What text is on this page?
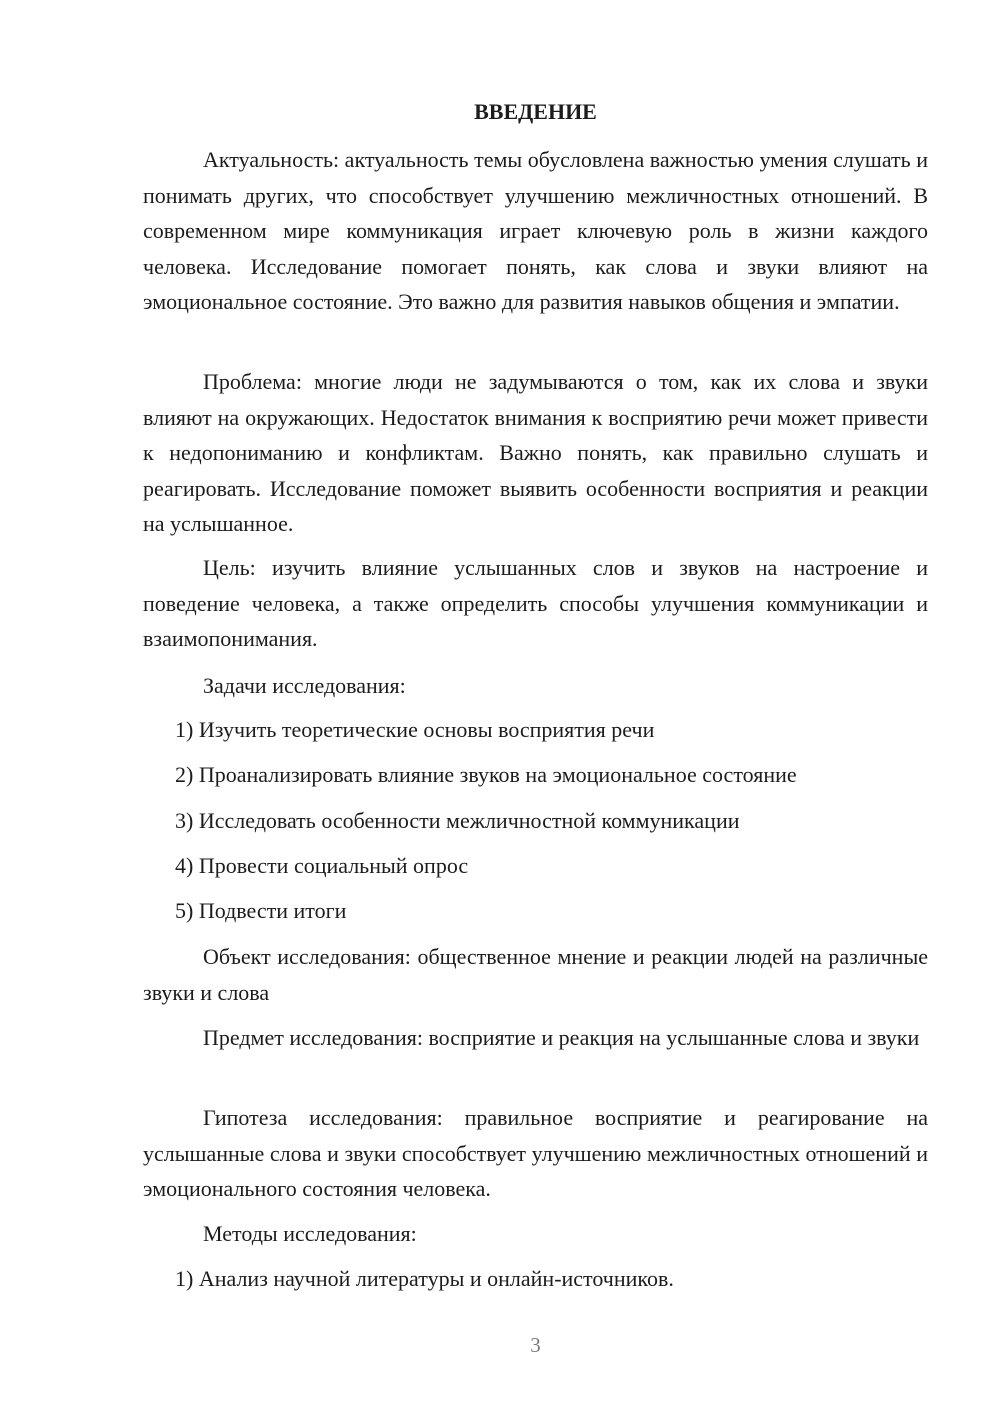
ВВЕДЕНИЕ

Актуальность: актуальность темы обусловлена важностью умения слушать и понимать других, что способствует улучшению межличностных отношений. В современном мире коммуникация играет ключевую роль в жизни каждого человека. Исследование помогает понять, как слова и звуки влияют на эмоциональное состояние. Это важно для развития навыков общения и эмпатии.

Проблема: многие люди не задумываются о том, как их слова и звуки влияют на окружающих. Недостаток внимания к восприятию речи может привести к недопониманию и конфликтам. Важно понять, как правильно слушать и реагировать. Исследование поможет выявить особенности восприятия и реакции на услышанное.

Цель: изучить влияние услышанных слов и звуков на настроение и поведение человека, а также определить способы улучшения коммуникации и взаимопонимания.

Задачи исследования:

1) Изучить теоретические основы восприятия речи

2) Проанализировать влияние звуков на эмоциональное состояние

3) Исследовать особенности межличностной коммуникации

4) Провести социальный опрос

5) Подвести итоги

Объект исследования: общественное мнение и реакции людей на различные звуки и слова

Предмет исследования: восприятие и реакция на услышанные слова и звуки

Гипотеза исследования: правильное восприятие и реагирование на услышанные слова и звуки способствует улучшению межличностных отношений и эмоционального состояния человека.

Методы исследования:

1) Анализ научной литературы и онлайн-источников.

3
